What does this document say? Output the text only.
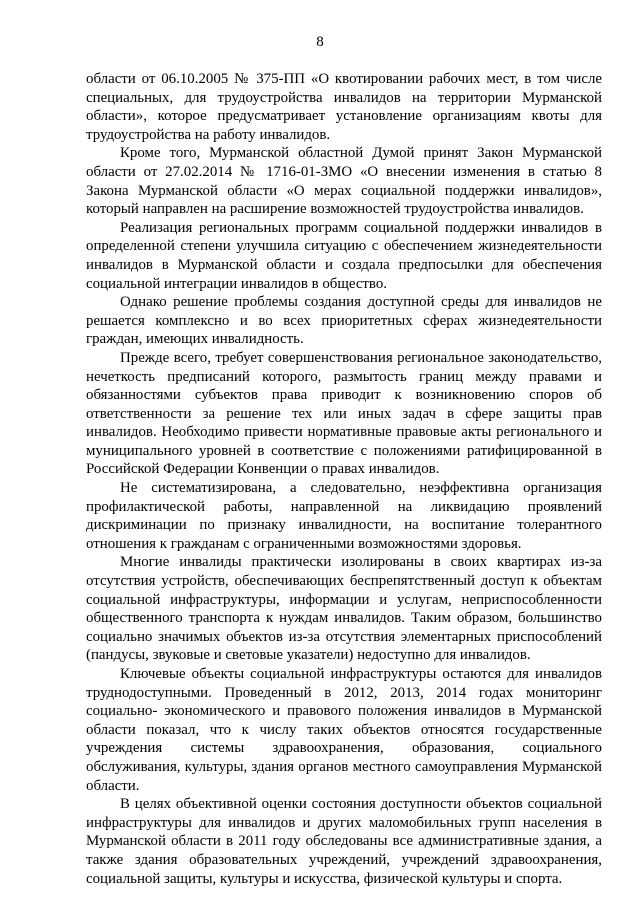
8

области от 06.10.2005 № 375-ПП «О квотировании рабочих мест, в том числе специальных, для трудоустройства инвалидов на территории Мурманской области», которое предусматривает установление организациям квоты для трудоустройства на работу инвалидов.

Кроме того, Мурманской областной Думой принят Закон Мурманской области от 27.02.2014 № 1716-01-ЗМО «О внесении изменения в статью 8 Закона Мурманской области «О мерах социальной поддержки инвалидов», который направлен на расширение возможностей трудоустройства инвалидов.

Реализация региональных программ социальной поддержки инвалидов в определенной степени улучшила ситуацию с обеспечением жизнедеятельности инвалидов в Мурманской области и создала предпосылки для обеспечения социальной интеграции инвалидов в общество.

Однако решение проблемы создания доступной среды для инвалидов не решается комплексно и во всех приоритетных сферах жизнедеятельности граждан, имеющих инвалидность.

Прежде всего, требует совершенствования региональное законодательство, нечеткость предписаний которого, размытость границ между правами и обязанностями субъектов права приводит к возникновению споров об ответственности за решение тех или иных задач в сфере защиты прав инвалидов. Необходимо привести нормативные правовые акты регионального и муниципального уровней в соответствие с положениями ратифицированной в Российской Федерации Конвенции о правах инвалидов.

Не систематизирована, а следовательно, неэффективна организация профилактической работы, направленной на ликвидацию проявлений дискриминации по признаку инвалидности, на воспитание толерантного отношения к гражданам с ограниченными возможностями здоровья.

Многие инвалиды практически изолированы в своих квартирах из-за отсутствия устройств, обеспечивающих беспрепятственный доступ к объектам социальной инфраструктуры, информации и услугам, неприспособленности общественного транспорта к нуждам инвалидов. Таким образом, большинство социально значимых объектов из-за отсутствия элементарных приспособлений (пандусы, звуковые и световые указатели) недоступно для инвалидов.

Ключевые объекты социальной инфраструктуры остаются для инвалидов труднодоступными. Проведенный в 2012, 2013, 2014 годах мониторинг социально- экономического и правового положения инвалидов в Мурманской области показал, что к числу таких объектов относятся государственные учреждения системы здравоохранения, образования, социального обслуживания, культуры, здания органов местного самоуправления Мурманской области.

В целях объективной оценки состояния доступности объектов социальной инфраструктуры для инвалидов и других маломобильных групп населения в Мурманской области в 2011 году обследованы все административные здания, а также здания образовательных учреждений, учреждений здравоохранения, социальной защиты, культуры и искусства, физической культуры и спорта.
